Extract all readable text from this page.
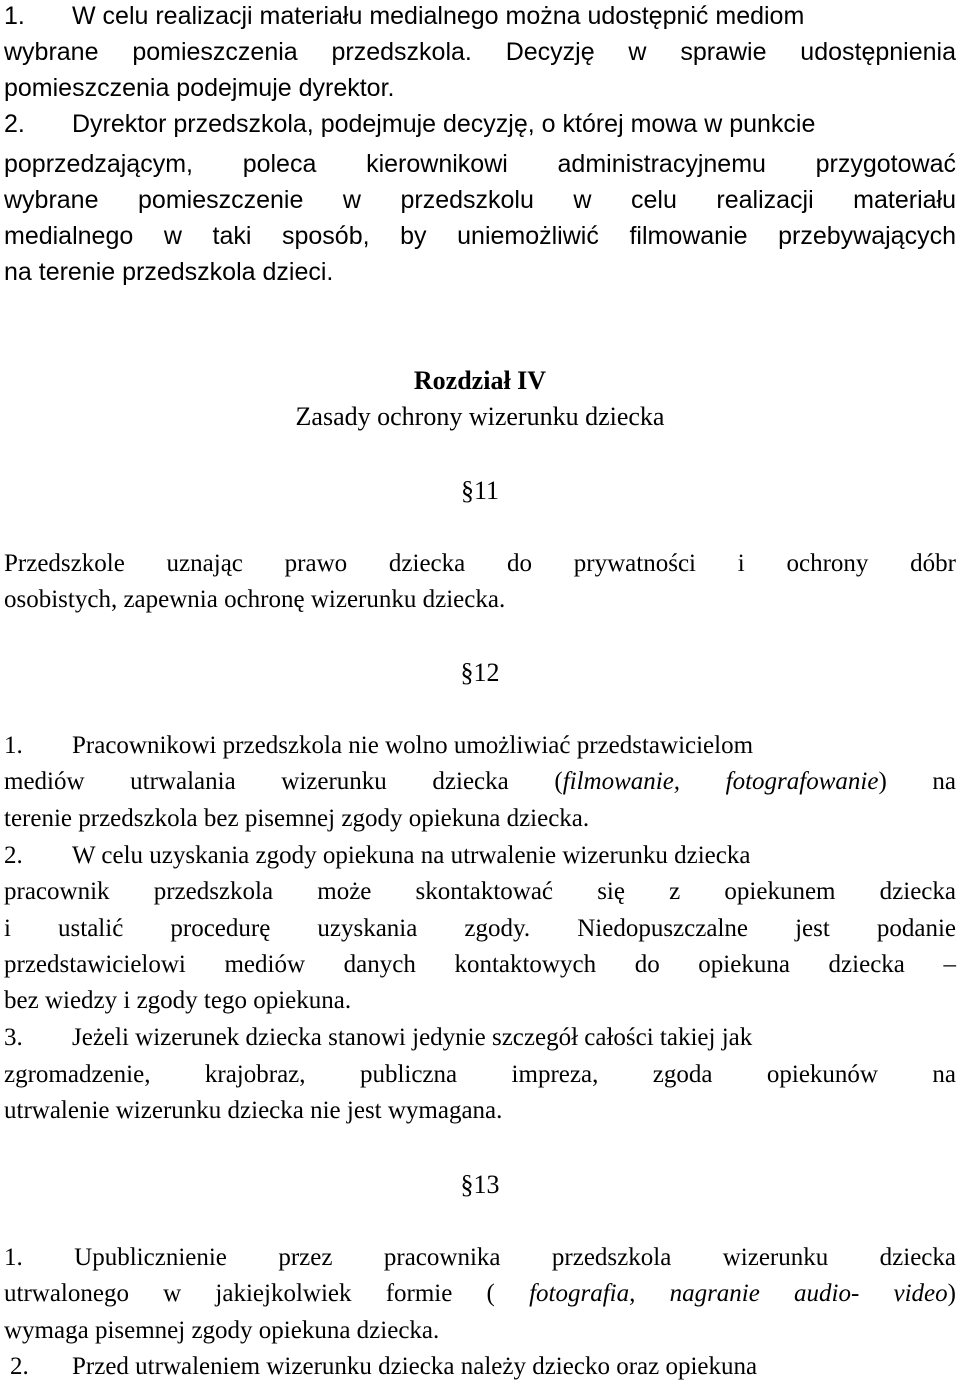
1. W celu realizacji materiału medialnego można udostępnić mediom
wybrane pomieszczenia przedszkola. Decyzję w sprawie udostępnienia
pomieszczenia podejmuje dyrektor.
2. Dyrektor przedszkola, podejmuje decyzję, o której mowa w punkcie
poprzedzającym, poleca kierownikowi administracyjnemu przygotować
wybrane pomieszczenie w przedszkolu w celu realizacji materiału
medialnego w taki sposób, by uniemożliwić filmowanie przebywających
na terenie przedszkola dzieci.
Rozdział IV
Zasady ochrony wizerunku dziecka
§11
Przedszkole uznając prawo dziecka do prywatności i ochrony dóbr
osobistych, zapewnia ochronę wizerunku dziecka.
§12
1. Pracownikowi przedszkola nie wolno umożliwiać przedstawicielom
mediów utrwalania wizerunku dziecka (filmowanie, fotografowanie) na
terenie przedszkola bez pisemnej zgody opiekuna dziecka.
2. W celu uzyskania zgody opiekuna na utrwalenie wizerunku dziecka
pracownik przedszkola może skontaktować się z opiekunem dziecka
i ustalić procedurę uzyskania zgody. Niedopuszczalne jest podanie
przedstawicielowi mediów danych kontaktowych do opiekuna dziecka –
bez wiedzy i zgody tego opiekuna.
3. Jeżeli wizerunek dziecka stanowi jedynie szczegół całości takiej jak
zgromadzenie, krajobraz, publiczna impreza, zgoda opiekunów na
utrwalenie wizerunku dziecka nie jest wymagana.
§13
1. Upublicznienie przez pracownika przedszkola wizerunku dziecka
utrwalonego w jakiejkolwiek formie ( fotografia, nagranie audio- video)
wymaga pisemnej zgody opiekuna dziecka.
2. Przed utrwaleniem wizerunku dziecka należy dziecko oraz opiekuna
